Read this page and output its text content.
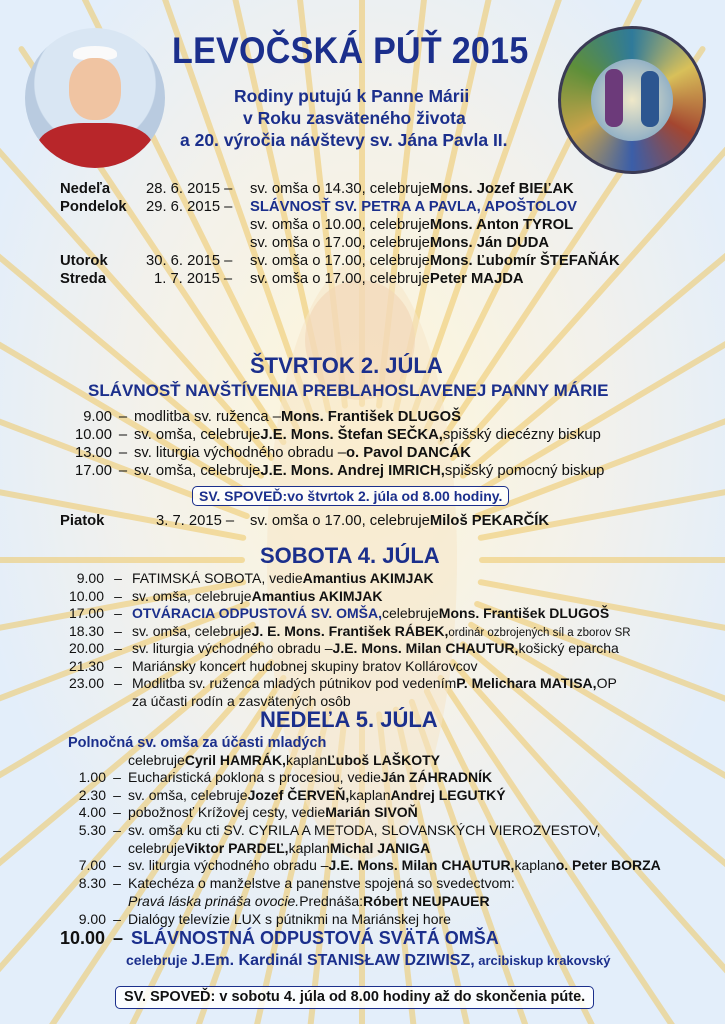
LEVOČSKÁ PÚŤ 2015
Rodiny putujú k Panne Márii
v Roku zasväteného života
a 20. výročia návštevy sv. Jána Pavla II.
Nedeľa 28. 6. 2015 – sv. omša o 14.30, celebrujeMons. Jozef BIEĽAK
Pondelok 29. 6. 2015 – SLÁVNOSŤ SV. PETRA A PAVLA, APOŠTOLOV
sv. omša o 10.00, celebrujeMons. Anton TYROL
sv. omša o 17.00, celebrujeMons. Ján DUDA
Utorok	30. 6. 2015 – sv. omša o 17.00, celebrujeMons. Ľubomír ŠTEFAŇÁK
Streda	1. 7. 2015 – sv. omša o 17.00, celebrujePeter MAJDA
ŠTVRTOK 2. JÚLA
SLÁVNOSŤ NAVŠTÍVENIA PREBLAHOSLAVENEJ PANNY MÁRIE
9.00 – modlitba sv. ruženca –Mons. František DLUGOŠ
10.00 – sv. omša, celebrujeJ.E. Mons. Štefan SEČKA,spišský diecézny biskup
13.00 – sv. liturgia východného obradu –o. Pavol DANCÁK
17.00 – sv. omša, celebrujeJ.E. Mons. Andrej IMRICH,spišský pomocný biskup
SV. SPOVEĎ:vo štvrtok 2. júla od 8.00 hodiny.
Piatok	3. 7. 2015 – sv. omša o 17.00, celebrujeMiloš PEKARČÍK
SOBOTA 4. JÚLA
9.00 – FATIMSKÁ SOBOTA, vedieAmantius AKIMJAK
10.00 – sv. omša, celebrujeAmantius AKIMJAK
17.00 – OTVÁRACIA ODPUSTOVÁ SV. OMŠA,celebrujeMons. František DLUGOŠ
18.30 – sv. omša, celebrujeJ. E. Mons. František RÁBEK,ordinár ozbrojených síl a zborov SR
20.00 – sv. liturgia východného obradu –J.E. Mons. Milan CHAUTUR,košický eparcha
21.30 – Mariánsky koncert hudobnej skupiny bratov Kollárovcov
23.00 – Modlitba sv. ruženca mladých pútnikov pod vedenímP. Melichara MATISA,OP
za účasti rodín a zasvätených osôb
NEDEĽA 5. JÚLA
Polnočná sv. omša za účasti mladých
celebrujeCyril HAMRÁK,kaplanĽuboš LAŠKOTY
1.00 – Eucharistická poklona s procesiou, vedieJán ZÁHRADNÍK
2.30 – sv. omša, celebrujeJozef ČERVEŇ,kaplanAndrej LEGUTKÝ
4.00 – pobožnosť Krížovej cesty, vedieMarián SIVOŇ
5.30 – sv. omša ku cti SV. CYRILA A METODA, SLOVANSKÝCH VIEROZVESTOV,
celebrujeViktor PARDEĽ,kaplanMichal JANIGA
7.00 – sv. liturgia východného obradu –J.E. Mons. Milan CHAUTUR,kaplano. Peter BORZA
8.30 – Katechéza o manželstve a panenstve spojená so svedectvom:
Pravá láska prináša ovocie.Prednáša:Róbert NEUPAUER
9.00 – Dialógy televízie LUX s pútnikmi na Mariánskej hore
10.00 – SLÁVNOSTNÁ ODPUSTOVÁ SVÄTÁ OMŠA
celebruje J.Em. Kardinál STANISŁAW DZIWISZ, arcibiskup krakovský
SV. SPOVEĎ: v sobotu 4. júla od 8.00 hodiny až do skončenia púte.
